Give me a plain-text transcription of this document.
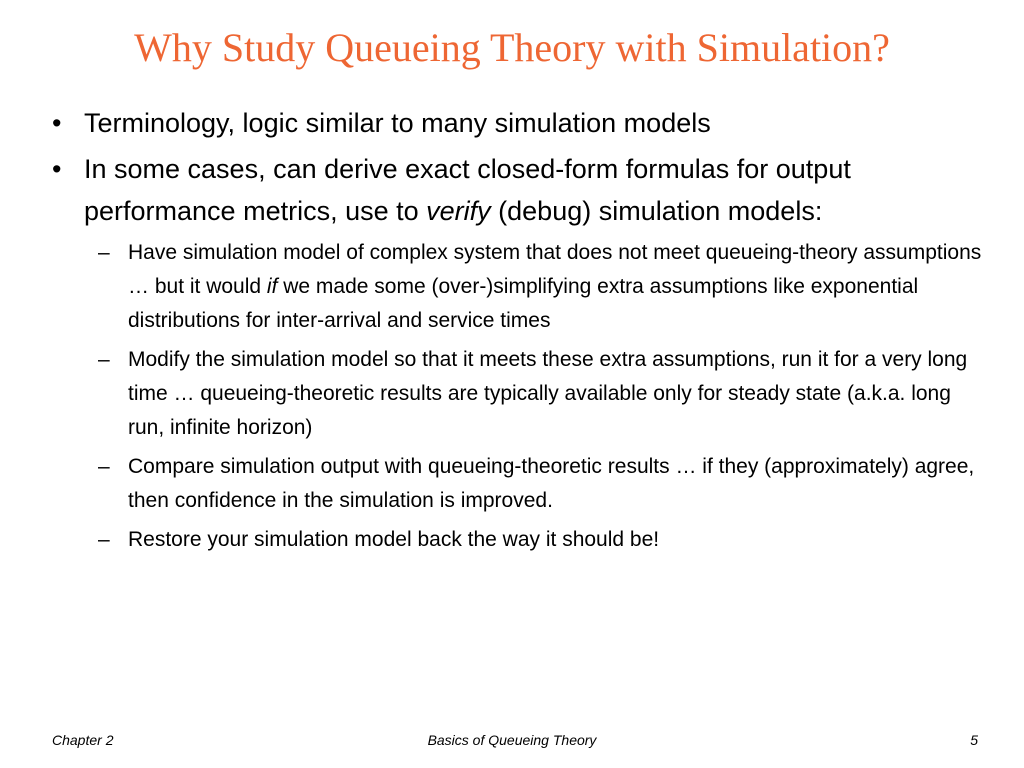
Why Study Queueing Theory with Simulation?
• Terminology, logic similar to many simulation models
• In some cases, can derive exact closed-form formulas for output performance metrics, use to verify (debug) simulation models:
– Have simulation model of complex system that does not meet queueing-theory assumptions … but it would if we made some (over-)simplifying extra assumptions like exponential distributions for inter-arrival and service times
– Modify the simulation model so that it meets these extra assumptions, run it for a very long time … queueing-theoretic results are typically available only for steady state (a.k.a. long run, infinite horizon)
– Compare simulation output with queueing-theoretic results … if they (approximately) agree, then confidence in the simulation is improved.
– Restore your simulation model back the way it should be!
Basics of Queueing Theory
Chapter 2	5
